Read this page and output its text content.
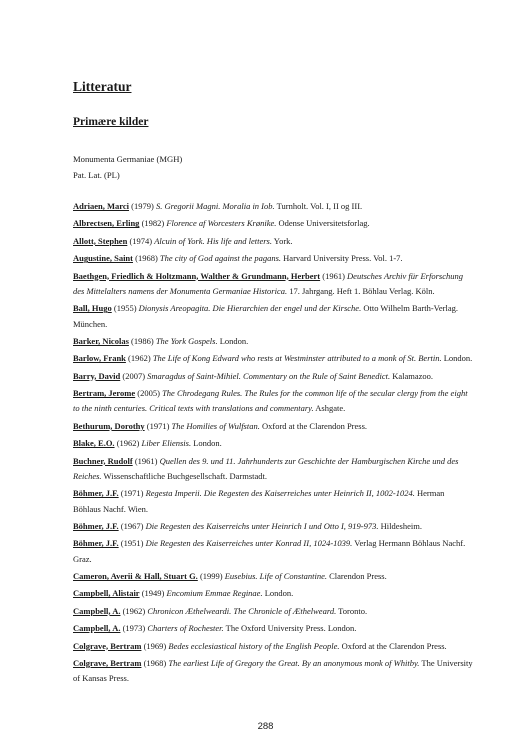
Litteratur
Primære kilder
Monumenta Germaniae (MGH)
Pat. Lat. (PL)
Adriaen, Marci (1979) S. Gregorii Magni. Moralia in Iob. Turnholt. Vol. I, II og III.
Albrectsen, Erling (1982) Florence af Worcesters Krønike. Odense Universitetsforlag.
Allott, Stephen (1974) Alcuin of York. His life and letters. York.
Augustine, Saint (1968) The city of God against the pagans. Harvard University Press. Vol. 1-7.
Baethgen, Friedlich & Holtzmann, Walther & Grundmann, Herbert (1961) Deutsches Archiv für Erforschung des Mittelalters namens der Monumenta Germaniae Historica. 17. Jahrgang. Heft 1. Böhlau Verlag. Köln.
Ball, Hugo (1955) Dionysis Areopagita. Die Hierarchien der engel und der Kirsche. Otto Wilhelm Barth-Verlag. München.
Barker, Nicolas (1986) The York Gospels. London.
Barlow, Frank (1962) The Life of Kong Edward who rests at Westminster attributed to a monk of St. Bertin. London.
Barry, David (2007) Smaragdus of Saint-Mihiel. Commentary on the Rule of Saint Benedict. Kalamazoo.
Bertram, Jerome (2005) The Chrodegang Rules. The Rules for the common life of the secular clergy from the eight to the ninth centuries. Critical texts with translations and commentary. Ashgate.
Bethurum, Dorothy (1971) The Homilies of Wulfstan. Oxford at the Clarendon Press.
Blake, E.O. (1962) Liber Eliensis. London.
Buchner, Rudolf (1961) Quellen des 9. und 11. Jahrhunderts zur Geschichte der Hamburgischen Kirche und des Reiches. Wissenschaftliche Buchgesellschaft. Darmstadt.
Böhmer, J.F. (1971) Regesta Imperii. Die Regesten des Kaiserreiches unter Heinrich II, 1002-1024. Herman Böhlaus Nachf. Wien.
Böhmer, J.F. (1967) Die Regesten des Kaiserreichs unter Heinrich I und Otto I, 919-973. Hildesheim.
Böhmer, J.F. (1951) Die Regesten des Kaiserreiches unter Konrad II, 1024-1039. Verlag Hermann Böhlaus Nachf. Graz.
Cameron, Averii & Hall, Stuart G. (1999) Eusebius. Life of Constantine. Clarendon Press.
Campbell, Alistair (1949) Encomium Emmae Reginae. London.
Campbell, A. (1962) Chronicon Æthelweardi. The Chronicle of Æthelweard. Toronto.
Campbell, A. (1973) Charters of Rochester. The Oxford University Press. London.
Colgrave, Bertram (1969) Bedes ecclesiastical history of the English People. Oxford at the Clarendon Press.
Colgrave, Bertram (1968) The earliest Life of Gregory the Great. By an anonymous monk of Whitby. The University of Kansas Press.
288
